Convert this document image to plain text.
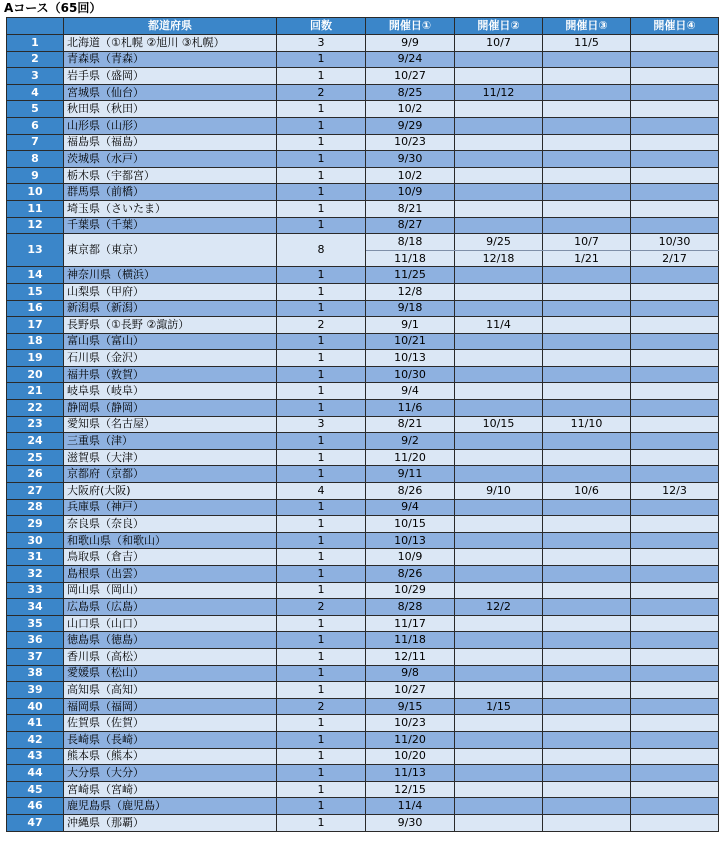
Aコース（65回）
	都道府県	回数	開催日①	開催日②	開催日③	開催日④
1	北海道（①札幌 ②旭川 ③札幌）	3	9/9	10/7	11/5	
2	青森県（青森）	1	9/24			
3	岩手県（盛岡）	1	10/27			
4	宮城県（仙台）	2	8/25	11/12		
5	秋田県（秋田）	1	10/2			
6	山形県（山形）	1	9/29			
7	福島県（福島）	1	10/23			
8	茨城県（水戸）	1	9/30			
9	栃木県（宇都宮）	1	10/2			
10	群馬県（前橋）	1	10/9			
11	埼玉県（さいたま）	1	8/21			
12	千葉県（千葉）	1	8/27			
13	東京都（東京）	8	8/18	9/25	10/7	10/30
			11/18	12/18	1/21	2/17
14	神奈川県（横浜）	1	11/25			
15	山梨県（甲府）	1	12/8			
16	新潟県（新潟）	1	9/18			
17	長野県（①長野 ②諏訪）	2	9/1	11/4		
18	富山県（富山）	1	10/21			
19	石川県（金沢）	1	10/13			
20	福井県（敦賀）	1	10/30			
21	岐阜県（岐阜）	1	9/4			
22	静岡県（静岡）	1	11/6			
23	愛知県（名古屋）	3	8/21	10/15	11/10	
24	三重県（津）	1	9/2			
25	滋賀県（大津）	1	11/20			
26	京都府（京都）	1	9/11			
27	大阪府(大阪)	4	8/26	9/10	10/6	12/3
28	兵庫県（神戸）	1	9/4			
29	奈良県（奈良）	1	10/15			
30	和歌山県（和歌山）	1	10/13			
31	鳥取県（倉吉）	1	10/9			
32	島根県（出雲）	1	8/26			
33	岡山県（岡山）	1	10/29			
34	広島県（広島）	2	8/28	12/2		
35	山口県（山口）	1	11/17			
36	徳島県（徳島）	1	11/18			
37	香川県（高松）	1	12/11			
38	愛媛県（松山）	1	9/8			
39	高知県（高知）	1	10/27			
40	福岡県（福岡）	2	9/15	1/15		
41	佐賀県（佐賀）	1	10/23			
42	長崎県（長崎）	1	11/20			
43	熊本県（熊本）	1	10/20			
44	大分県（大分）	1	11/13			
45	宮崎県（宮崎）	1	12/15			
46	鹿児島県（鹿児島）	1	11/4			
47	沖縄県（那覇）	1	9/30			
